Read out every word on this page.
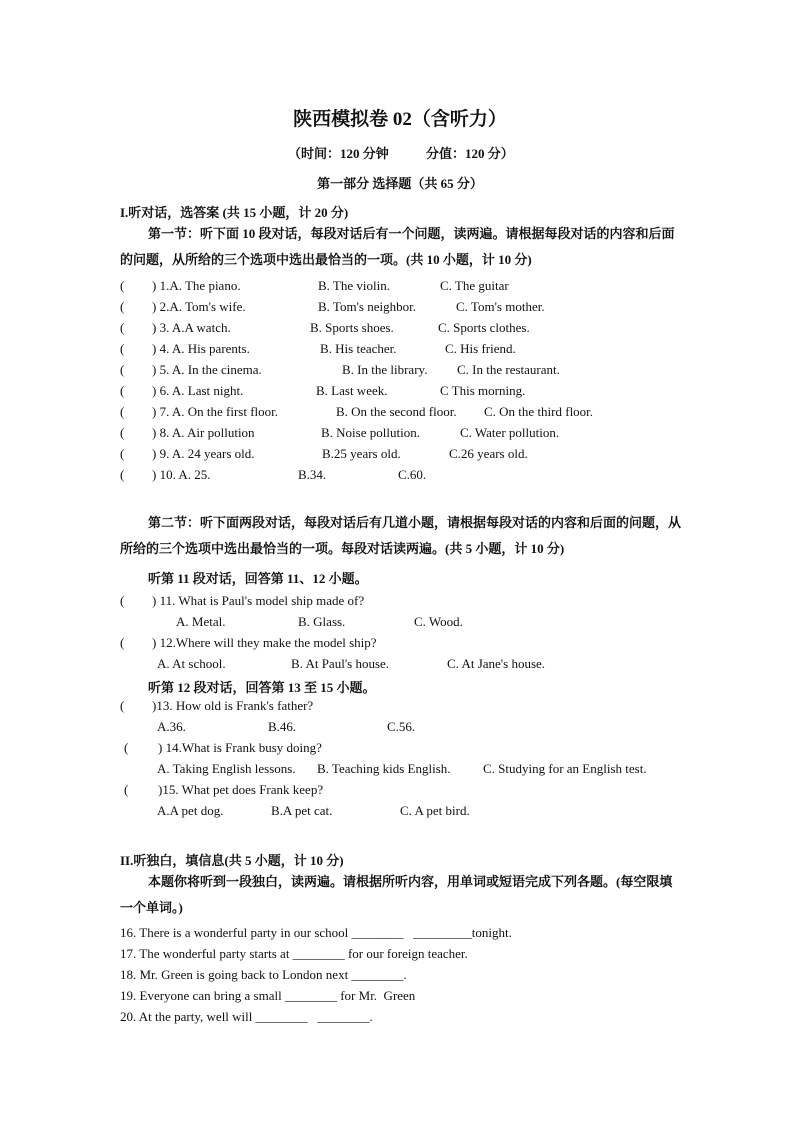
陕西模拟卷 02（含听力）
（时间：120 分钟	分值：120 分）
第一部分 选择题（共 65 分）
I.听对话，选答案 (共 15 小题，计 20 分)
第一节：听下面 10 段对话，每段对话后有一个问题，读两遍。请根据每段对话的内容和后面的问题，从所给的三个选项中选出最恰当的一项。(共 10 小题，计 10 分)
( ) 1.A. The piano.	B. The violin.	C. The guitar
( ) 2.A. Tom's wife.	B. Tom's neighbor.	C. Tom's mother.
( ) 3. A.A watch.	B. Sports shoes.	C. Sports clothes.
( ) 4. A. His parents.	B. His teacher.	C. His friend.
( ) 5. A. In the cinema.	B. In the library. C. In the restaurant.
( ) 6. A. Last night.	B. Last week.	C This morning.
( ) 7. A. On the first floor.	B. On the second floor. C. On the third floor.
( ) 8. A. Air pollution	B. Noise pollution.	C. Water pollution.
( ) 9. A. 24 years old.	B.25 years old.	C.26 years old.
( ) 10. A. 25.	B.34.	C.60.
第二节：听下面两段对话，每段对话后有几道小题，请根据每段对话的内容和后面的问题，从所给的三个选项中选出最恰当的一项。每段对话读两遍。(共 5 小题，计 10 分)
听第 11 段对话，回答第 11、12 小题。
( ) 11. What is Paul's model ship made of?
A. Metal.	B. Glass.	C. Wood.
( ) 12.Where will they make the model ship?
A. At school.	B. At Paul's house.	C. At Jane's house.
听第 12 段对话，回答第 13 至 15 小题。
( )13. How old is Frank's father?
A.36.	B.46.	C.56.
( ) 14.What is Frank busy doing?
A. Taking English lessons. B. Teaching kids English. C. Studying for an English test.
( )15. What pet does Frank keep?
A.A pet dog.	B.A pet cat.	C. A pet bird.
II.听独白，填信息(共 5 小题，计 10 分)
本题你将听到一段独白，读两遍。请根据所听内容，用单词或短语完成下列各题。(每空限填一个单词。)
16. There is a wonderful party in our school ________   _________tonight.
17. The wonderful party starts at ________ for our foreign teacher.
18. Mr. Green is going back to London next ________.
19. Everyone can bring a small ________ for Mr.  Green
20. At the party, well will ________   ________.
